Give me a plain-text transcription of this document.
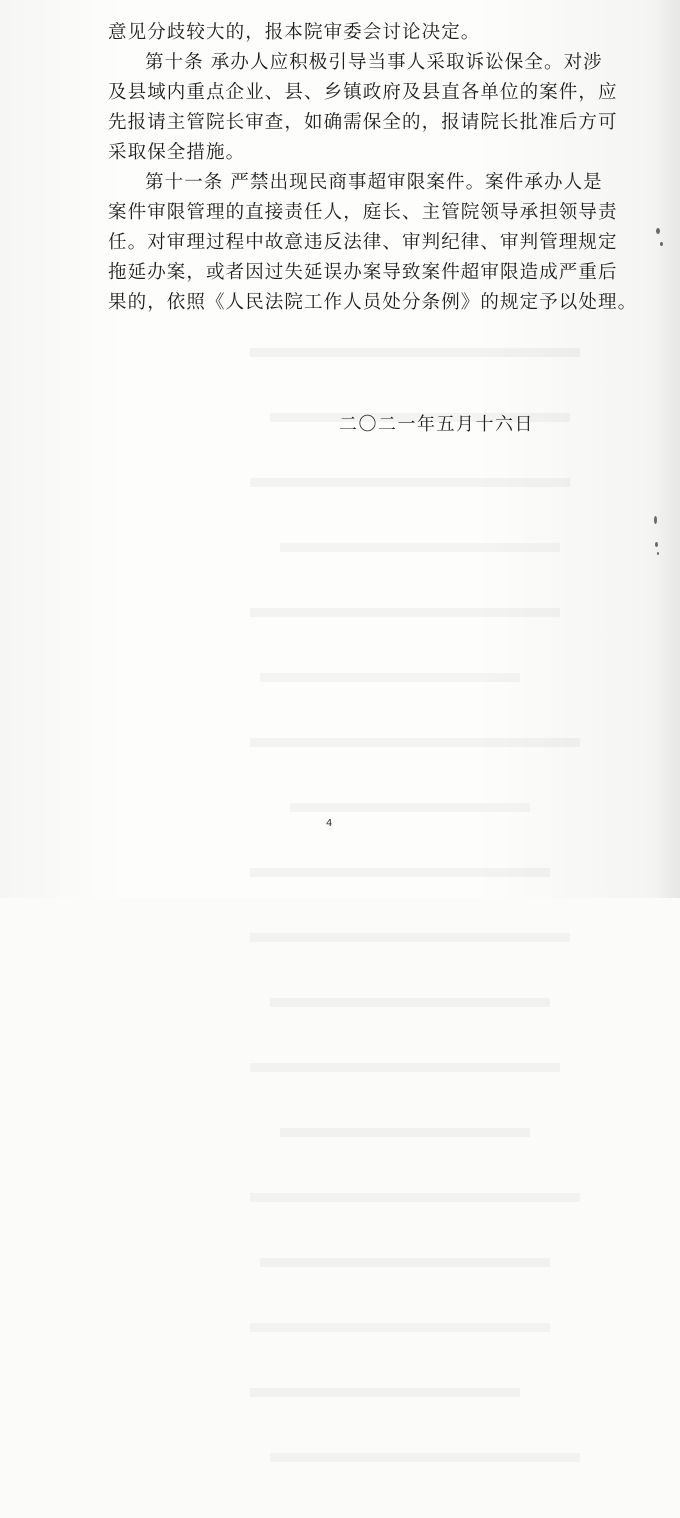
意见分歧较大的，报本院审委会讨论决定。
第十条 承办人应积极引导当事人采取诉讼保全。对涉
及县域内重点企业、县、乡镇政府及县直各单位的案件，应
先报请主管院长审查，如确需保全的，报请院长批准后方可
采取保全措施。
第十一条 严禁出现民商事超审限案件。案件承办人是
案件审限管理的直接责任人，庭长、主管院领导承担领导责
任。对审理过程中故意违反法律、审判纪律、审判管理规定
拖延办案，或者因过失延误办案导致案件超审限造成严重后
果的，依照《人民法院工作人员处分条例》的规定予以处理。
二〇二一年五月十六日
4
